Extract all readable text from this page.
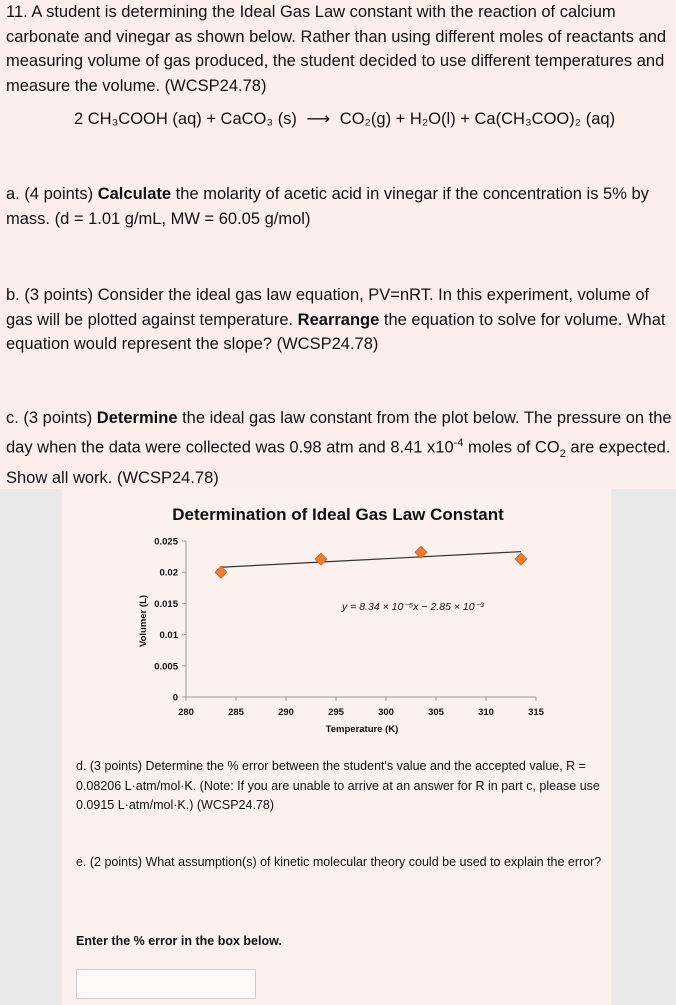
11. A student is determining the Ideal Gas Law constant with the reaction of calcium carbonate and vinegar as shown below. Rather than using different moles of reactants and measuring volume of gas produced, the student decided to use different temperatures and measure the volume. (WCSP24.78)

2 CH₃COOH (aq) + CaCO₃ (s) ⟶ CO₂(g) + H₂O(l) + Ca(CH₃COO)₂ (aq)

a. (4 points) Calculate the molarity of acetic acid in vinegar if the concentration is 5% by mass. (d = 1.01 g/mL, MW = 60.05 g/mol)

b. (3 points) Consider the ideal gas law equation, PV=nRT. In this experiment, volume of gas will be plotted against temperature. Rearrange the equation to solve for volume. What equation would represent the slope? (WCSP24.78)

c. (3 points) Determine the ideal gas law constant from the plot below. The pressure on the day when the data were collected was 0.98 atm and 8.41 $x10^{-4}$ moles of $CO_2$ are expected. Show all work. (WCSP24.78)

Determination of Ideal Gas Law Constant
0
0.005
0.01
0.015
0.02
0.025
280	285	290	295	300	305	310	315
Volumer (L)
Temperature (K)
y = 8.34 × 10⁻⁵x − 2.85 × 10⁻³

d. (3 points) Determine the % error between the student's value and the accepted value, R = 0.08206 L·atm/mol·K. (Note: If you are unable to arrive at an answer for R in part c, please use 0.0915 L·atm/mol·K.) (WCSP24.78)

e. (2 points) What assumption(s) of kinetic molecular theory could be used to explain the error?

Enter the % error in the box below.
